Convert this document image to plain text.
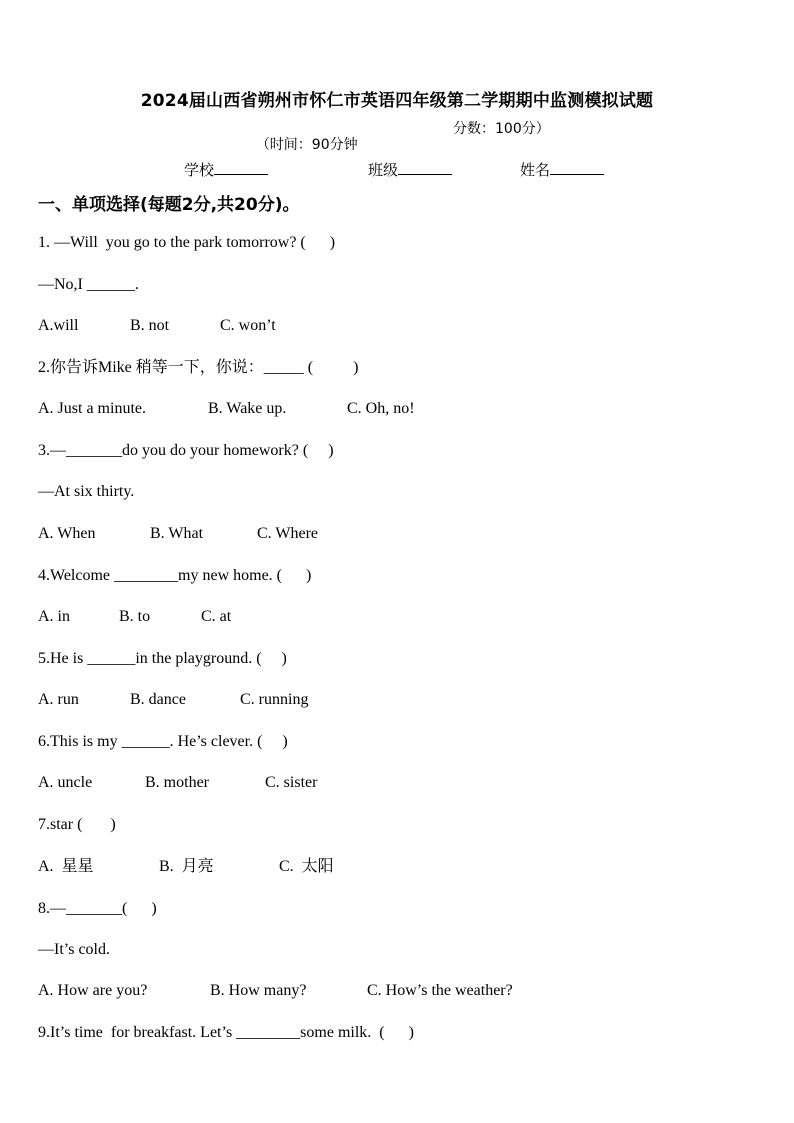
2024届山西省朔州市怀仁市英语四年级第二学期期中监测模拟试题

（时间：90分钟

分数：100分）

学校	班级	姓名
一、单项选择(每题2分,共20分)。
1. —Will  you go to the park tomorrow? (      )
—No,I ______.

A.will

	B. not

	C. won’t

2.你告诉Mike 稍等一下，你说：_____ (          )

A. Just a minute.

	B. Wake up.

	C. Oh, no!

3.—_______do you do your homework? (     )
—At six thirty.

A. When

	B. What

	C. Where

4.Welcome ________my new home. (      )

A. in

	B. to

	C. at

5.He is ______in the playground. (     )

A. run

	B. dance

	C. running

6.This is my ______. He’s clever. (     )

A. uncle

	B. mother

	C. sister

7.star (       )

A.  星星

	B.  月亮

	C.  太阳

8.—_______(      )
—It’s cold.

A. How are you?

	B. How many?

	C. How’s the weather?

9.It’s time  for breakfast. Let’s ________some milk.  (      )
